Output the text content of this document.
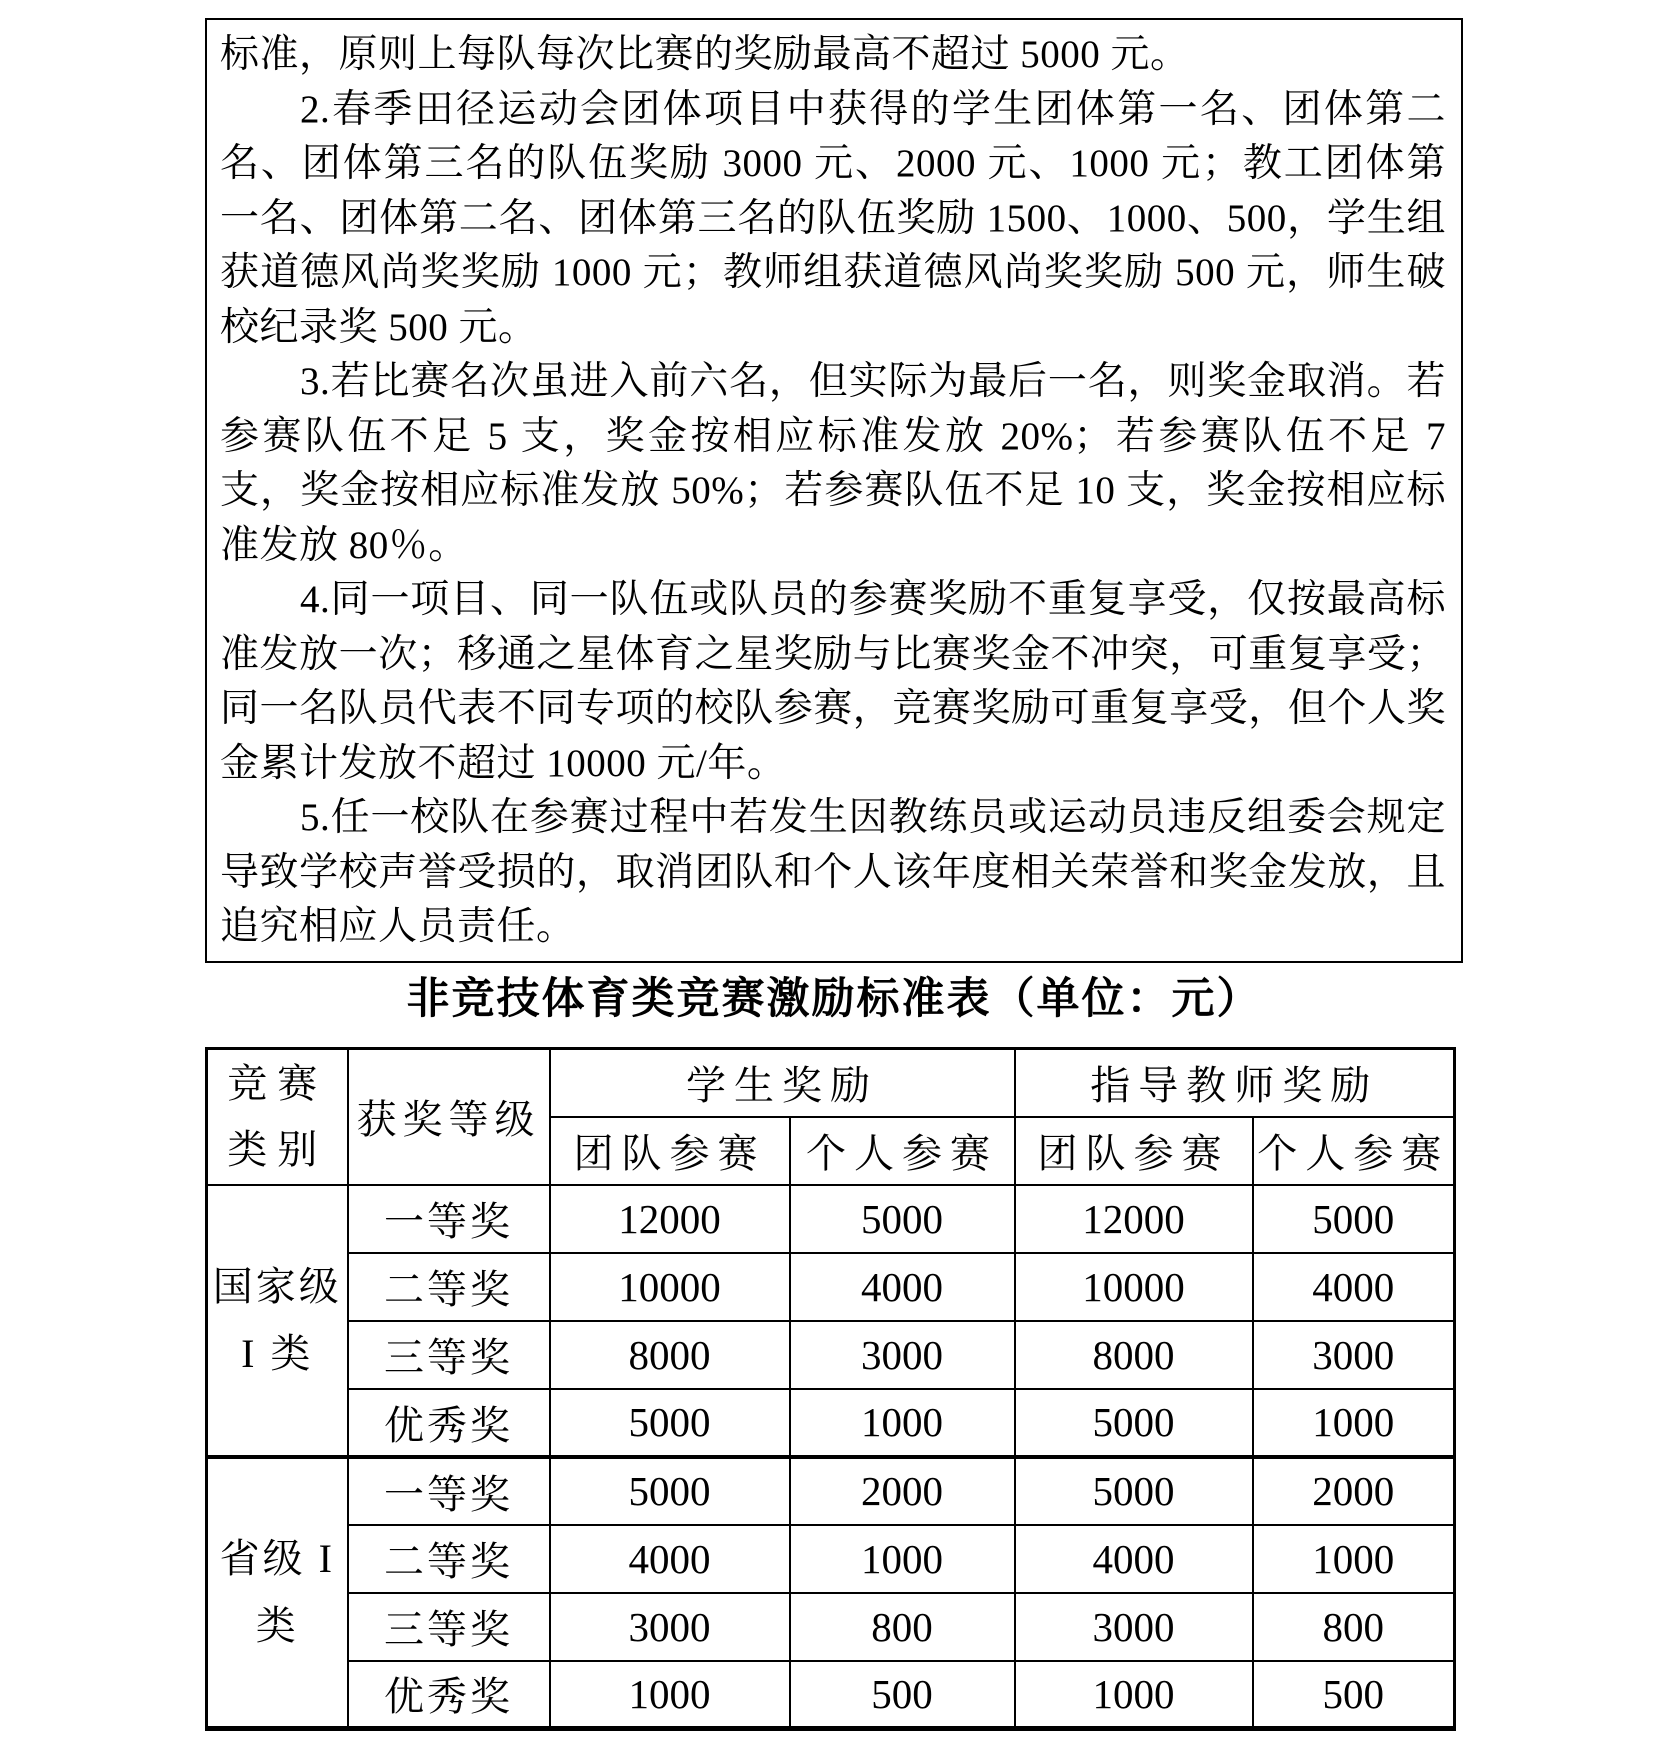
标准，原则上每队每次比赛的奖励最高不超过 5000 元。

2.春季田径运动会团体项目中获得的学生团体第一名、团体第二名、团体第三名的队伍奖励 3000 元、2000 元、1000 元；教工团体第一名、团体第二名、团体第三名的队伍奖励 1500、1000、500，学生组获道德风尚奖奖励 1000 元；教师组获道德风尚奖奖励 500 元，师生破校纪录奖 500 元。

3.若比赛名次虽进入前六名，但实际为最后一名，则奖金取消。若参赛队伍不足 5 支，奖金按相应标准发放 20%；若参赛队伍不足 7 支，奖金按相应标准发放 50%；若参赛队伍不足 10 支，奖金按相应标准发放 80％。

4.同一项目、同一队伍或队员的参赛奖励不重复享受，仅按最高标准发放一次；移通之星体育之星奖励与比赛奖金不冲突，可重复享受；同一名队员代表不同专项的校队参赛，竞赛奖励可重复享受，但个人奖金累计发放不超过 10000 元/年。

5.任一校队在参赛过程中若发生因教练员或运动员违反组委会规定导致学校声誉受损的，取消团队和个人该年度相关荣誉和奖金发放，且追究相应人员责任。

非竞技体育类竞赛激励标准表（单位：元）
竞赛类别	获奖等级	学生奖励		指导教师奖励	
		团队参赛	个人参赛	团队参赛	个人参赛
国家级 I 类	一等奖	12000	5000	12000	5000
	二等奖	10000	4000	10000	4000
	三等奖	8000	3000	8000	3000
	优秀奖	5000	1000	5000	1000
省级 I 类	一等奖	5000	2000	5000	2000
	二等奖	4000	1000	4000	1000
	三等奖	3000	800	3000	800
	优秀奖	1000	500	1000	500
